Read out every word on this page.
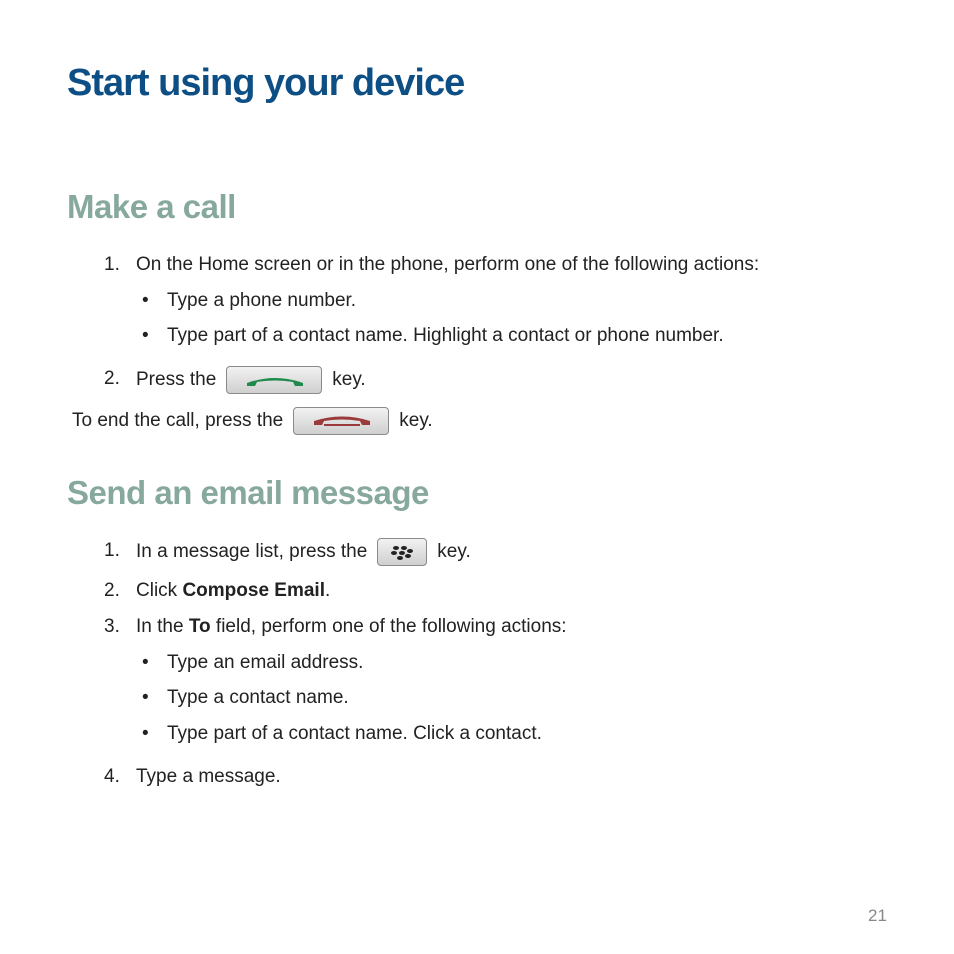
Start using your device
Make a call
1. On the Home screen or in the phone, perform one of the following actions:
• Type a phone number.
• Type part of a contact name. Highlight a contact or phone number.
2. Press the	key.
To end the call, press the	key.
Send an email message
1. In a message list, press the	key.
2. Click Compose Email .
3. In the To field, perform one of the following actions:
• Type an email address.
• Type a contact name.
• Type part of a contact name. Click a contact.
4. Type a message.
21
